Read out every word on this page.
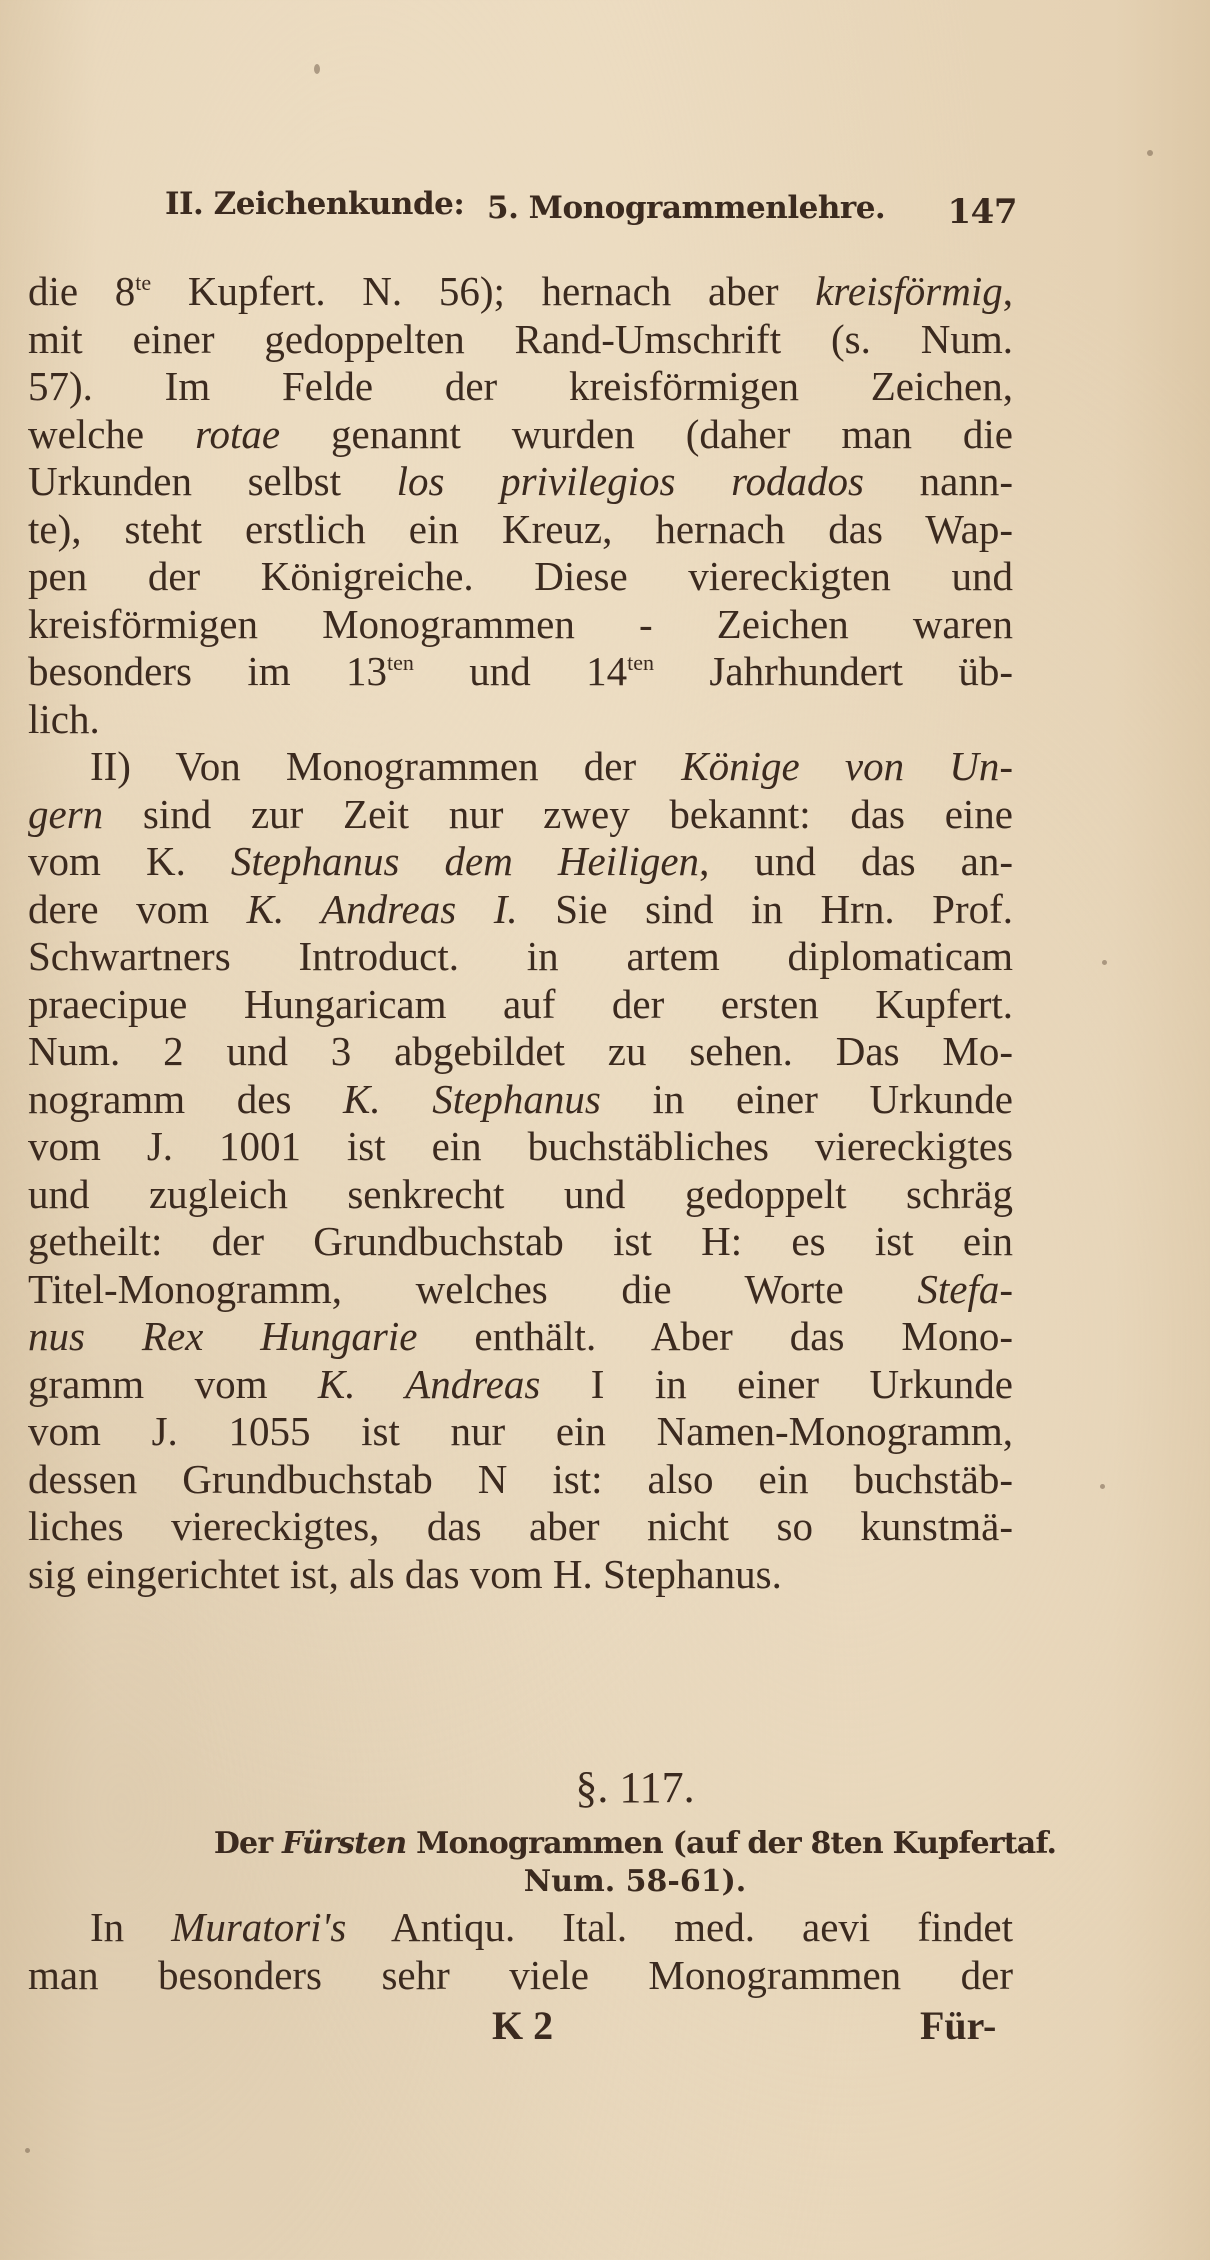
II. Zeichenkunde: 5. Monogrammenlehre. 147
die $8^{te}$ Kupfert. N. 56); hernach aber kreisförmig,
mit einer gedoppelten Rand-Umschrift (s. Num.
57). Im Felde der kreisförmigen Zeichen,
welche rotae genannt wurden (daher man die
Urkunden selbst los privilegios rodados nann-
te), steht erstlich ein Kreuz, hernach das Wap-
pen der Königreiche. Diese viereckigten und
kreisförmigen Monogrammen - Zeichen waren
besonders im $13^{ten}$ und $14^{ten}$ Jahrhundert üb-
lich.
II) Von Monogrammen der Könige von Un-
gern sind zur Zeit nur zwey bekannt: das eine
vom K. Stephanus dem Heiligen, und das an-
dere vom K. Andreas I. Sie sind in Hrn. Prof.
Schwartners Introduct. in artem diplomaticam
praecipue Hungaricam auf der ersten Kupfert.
Num. 2 und 3 abgebildet zu sehen. Das Mo-
nogramm des K. Stephanus in einer Urkunde
vom J. 1001 ist ein buchstäbliches viereckigtes
und zugleich senkrecht und gedoppelt schräg
getheilt: der Grundbuchstab ist H: es ist ein
Titel-Monogramm, welches die Worte Stefa-
nus Rex Hungarie enthält. Aber das Mono-
gramm vom K. Andreas I in einer Urkunde
vom J. 1055 ist nur ein Namen-Monogramm,
dessen Grundbuchstab N ist: also ein buchstäb-
liches viereckigtes, das aber nicht so kunstmä-
sig eingerichtet ist, als das vom H. Stephanus.
§. 117.
Der Fürsten Monogrammen (auf der 8ten Kupfertaf.
Num. 58-61).
In Muratori's Antiqu. Ital. med. aevi findet
man besonders sehr viele Monogrammen der
K 2	Für-
